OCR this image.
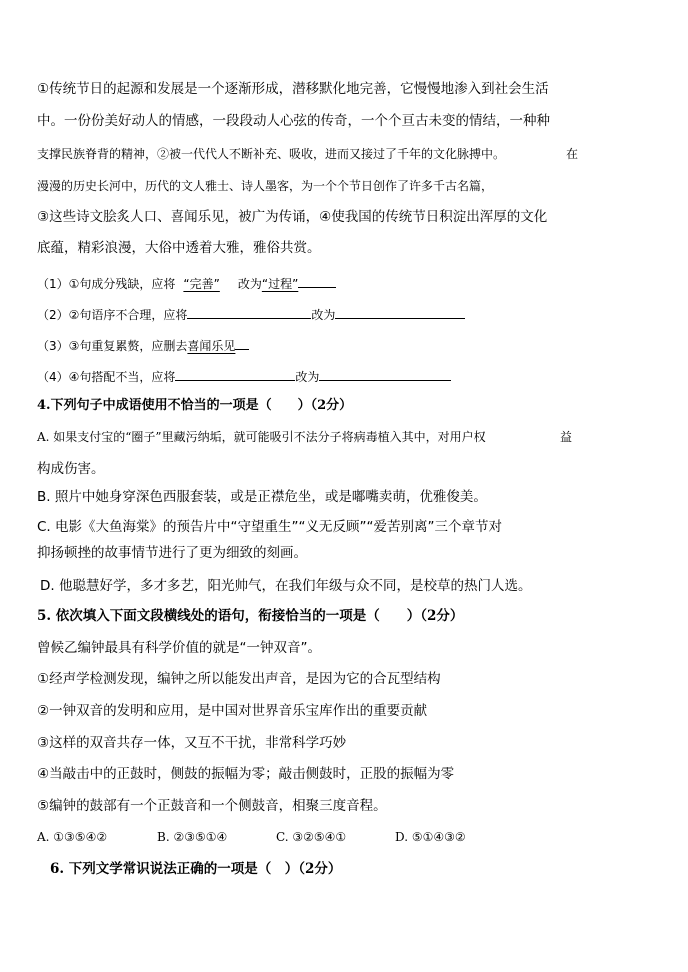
①传统节日的起源和发展是一个逐渐形成，潜移默化地完善，它慢慢地渗入到社会生活
中。一份份美好动人的情感，一段段动人心弦的传奇，一个个亘古未变的情结，一种种
支撑民族脊背的精神，②被一代代人不断补充、吸收，进而又接过了千年的文化脉搏中。	在
漫漫的历史长河中，历代的文人雅士、诗人墨客，为一个个节日创作了许多千古名篇，
③这些诗文脍炙人口、喜闻乐见，被广为传诵，④使我国的传统节日积淀出浑厚的文化
底蕴，精彩浪漫，大俗中透着大雅，雅俗共赏。
（1）①句成分残缺，应将 “完善” 改为“过程”
（2）②句语序不合理，应将	改为
（3）③句重复累赘，应删去喜闻乐见
（4）④句搭配不当，应将	改为
4.下列句子中成语使用不恰当的一项是（　　）（2分）
A. 如果支付宝的“圈子”里藏污纳垢，就可能吸引不法分子将病毒植入其中，对用户权	益
构成伤害。
B. 照片中她身穿深色西服套装，或是正襟危坐，或是嘟嘴卖萌，优雅俊美。
C. 电影《大鱼海棠》的预告片中“守望重生”“义无反顾”“爱苦别离”三个章节对
抑扬顿挫的故事情节进行了更为细致的刻画。
D. 他聪慧好学，多才多艺，阳光帅气，在我们年级与众不同，是校草的热门人选。
5. 依次填入下面文段横线处的语句，衔接恰当的一项是（　　）（2分）
曾候乙编钟最具有科学价值的就是“一钟双音”。
①经声学检测发现，编钟之所以能发出声音，是因为它的合瓦型结构
②一钟双音的发明和应用，是中国对世界音乐宝库作出的重要贡献
③这样的双音共存一体，又互不干扰，非常科学巧妙
④当敲击中的正鼓时，侧鼓的振幅为零；敲击侧鼓时，正股的振幅为零
⑤编钟的鼓部有一个正鼓音和一个侧鼓音，相聚三度音程。
A. ①③⑤④②	B. ②③⑤①④	C. ③②⑤④①	D. ⑤①④③②
6. 下列文学常识说法正确的一项是（　）（2分）
